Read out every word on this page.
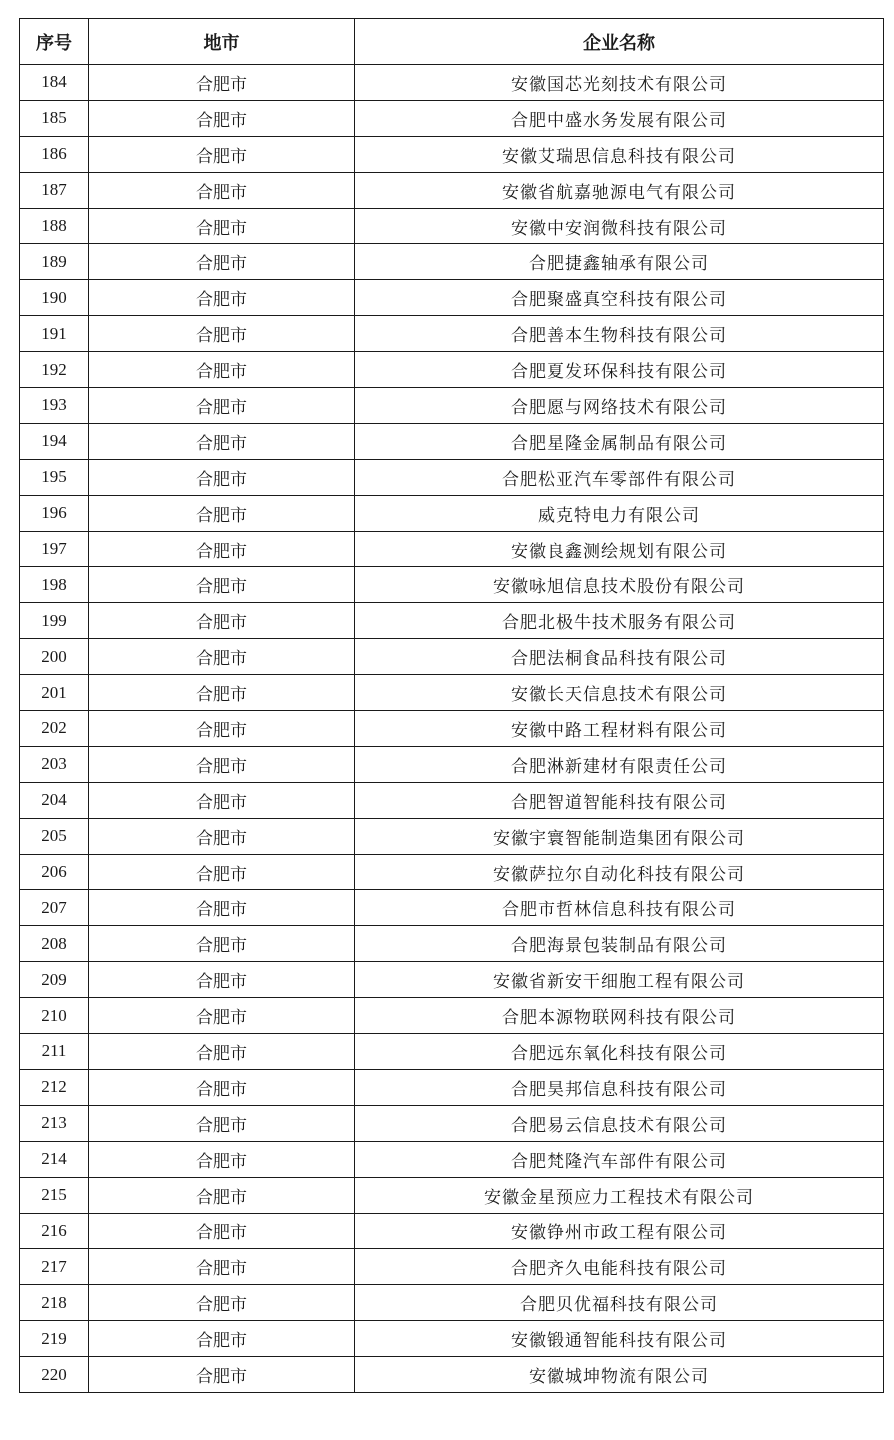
序号	地市	企业名称
184	合肥市	安徽国芯光刻技术有限公司
185	合肥市	合肥中盛水务发展有限公司
186	合肥市	安徽艾瑞思信息科技有限公司
187	合肥市	安徽省航嘉驰源电气有限公司
188	合肥市	安徽中安润微科技有限公司
189	合肥市	合肥捷鑫轴承有限公司
190	合肥市	合肥聚盛真空科技有限公司
191	合肥市	合肥善本生物科技有限公司
192	合肥市	合肥夏发环保科技有限公司
193	合肥市	合肥愿与网络技术有限公司
194	合肥市	合肥星隆金属制品有限公司
195	合肥市	合肥松亚汽车零部件有限公司
196	合肥市	威克特电力有限公司
197	合肥市	安徽良鑫测绘规划有限公司
198	合肥市	安徽咏旭信息技术股份有限公司
199	合肥市	合肥北极牛技术服务有限公司
200	合肥市	合肥法桐食品科技有限公司
201	合肥市	安徽长天信息技术有限公司
202	合肥市	安徽中路工程材料有限公司
203	合肥市	合肥淋新建材有限责任公司
204	合肥市	合肥智道智能科技有限公司
205	合肥市	安徽宇寰智能制造集团有限公司
206	合肥市	安徽萨拉尔自动化科技有限公司
207	合肥市	合肥市哲林信息科技有限公司
208	合肥市	合肥海景包装制品有限公司
209	合肥市	安徽省新安干细胞工程有限公司
210	合肥市	合肥本源物联网科技有限公司
211	合肥市	合肥远东氧化科技有限公司
212	合肥市	合肥昊邦信息科技有限公司
213	合肥市	合肥易云信息技术有限公司
214	合肥市	合肥梵隆汽车部件有限公司
215	合肥市	安徽金星预应力工程技术有限公司
216	合肥市	安徽铮州市政工程有限公司
217	合肥市	合肥齐久电能科技有限公司
218	合肥市	合肥贝优福科技有限公司
219	合肥市	安徽锻通智能科技有限公司
220	合肥市	安徽城坤物流有限公司
